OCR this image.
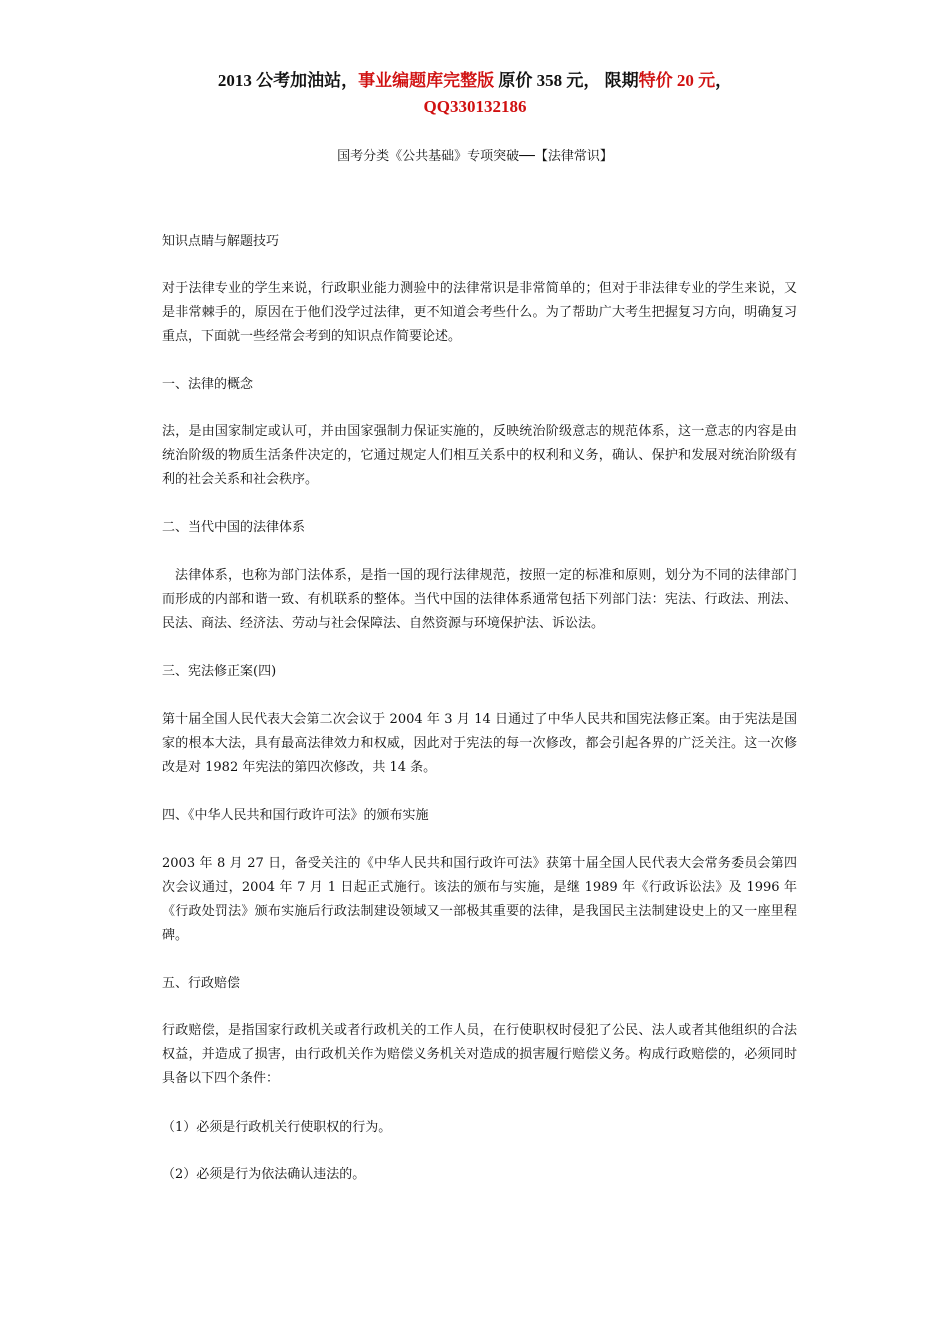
2013 公考加油站，事业编题库完整版 原价 358 元， 限期特价 20 元，
QQ330132186
国考分类《公共基础》专项突破──【法律常识】

知识点睛与解题技巧

对于法律专业的学生来说，行政职业能力测验中的法律常识是非常简单的；但对于非法律专业的学生来说，又是非常棘手的，原因在于他们没学过法律，更不知道会考些什么。为了帮助广大考生把握复习方向，明确复习重点，下面就一些经常会考到的知识点作简要论述。

一、法律的概念

法，是由国家制定或认可，并由国家强制力保证实施的，反映统治阶级意志的规范体系，这一意志的内容是由统治阶级的物质生活条件决定的，它通过规定人们相互关系中的权利和义务，确认、保护和发展对统治阶级有利的社会关系和社会秩序。

二、当代中国的法律体系

法律体系，也称为部门法体系，是指一国的现行法律规范，按照一定的标准和原则，划分为不同的法律部门而形成的内部和谐一致、有机联系的整体。当代中国的法律体系通常包括下列部门法：宪法、行政法、刑法、民法、商法、经济法、劳动与社会保障法、自然资源与环境保护法、诉讼法。

三、宪法修正案(四)

第十届全国人民代表大会第二次会议于 2004 年 3 月 14 日通过了中华人民共和国宪法修正案。由于宪法是国家的根本大法，具有最高法律效力和权威，因此对于宪法的每一次修改，都会引起各界的广泛关注。这一次修改是对 1982 年宪法的第四次修改，共 14 条。

四、《中华人民共和国行政许可法》的颁布实施

2003 年 8 月 27 日，备受关注的《中华人民共和国行政许可法》获第十届全国人民代表大会常务委员会第四次会议通过，2004 年 7 月 1 日起正式施行。该法的颁布与实施，是继 1989 年《行政诉讼法》及 1996 年《行政处罚法》颁布实施后行政法制建设领域又一部极其重要的法律，是我国民主法制建设史上的又一座里程碑。

五、行政赔偿

行政赔偿，是指国家行政机关或者行政机关的工作人员，在行使职权时侵犯了公民、法人或者其他组织的合法权益，并造成了损害，由行政机关作为赔偿义务机关对造成的损害履行赔偿义务。构成行政赔偿的，必须同时具备以下四个条件：

（1）必须是行政机关行使职权的行为。

（2）必须是行为依法确认违法的。
